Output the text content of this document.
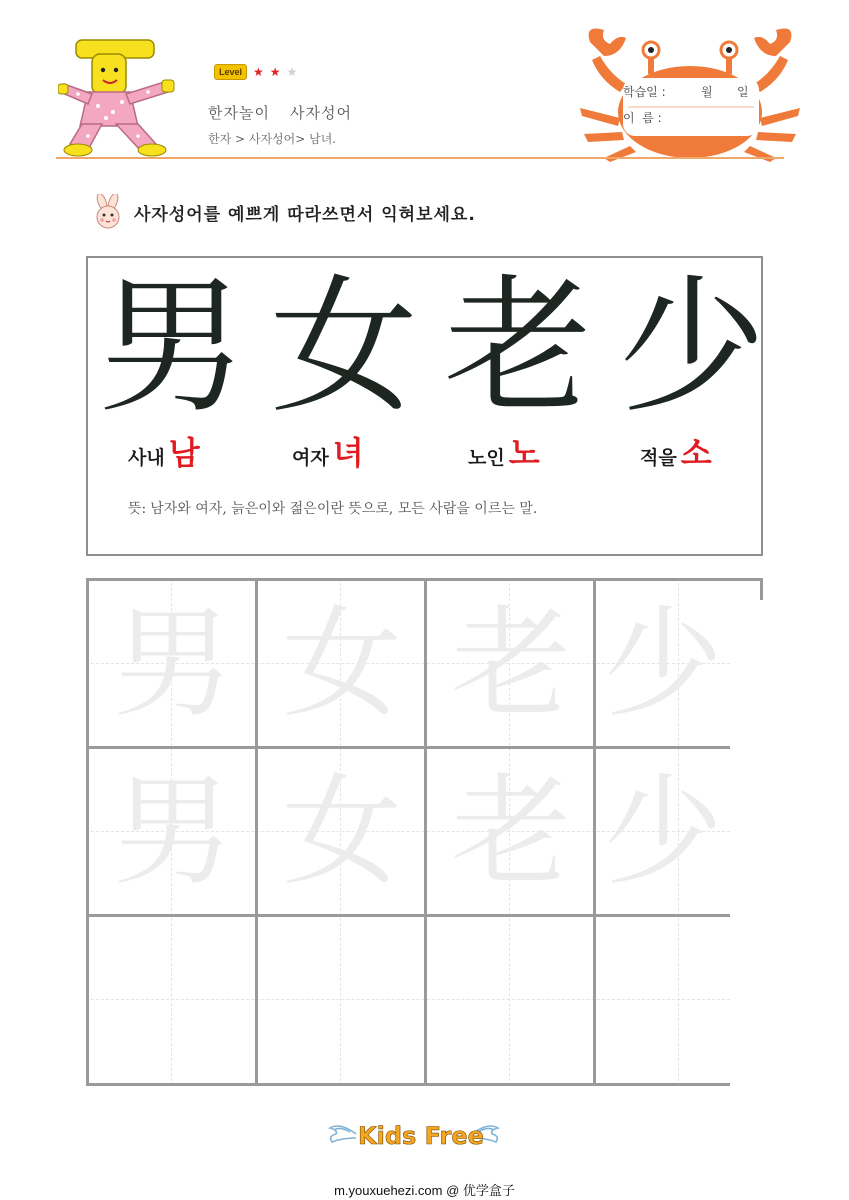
Level ★ ★ ★
한자놀이 사자성어
한자 > 사자성어> 남녀.
학습일 :	월	일
이  름 :
사자성어를 예쁘게 따라쓰면서 익혀보세요.
男 女 老 少
사내 남	여자 녀	노인 노	적을 소
뜻: 남자와 여자, 늙은이와 젊은이란 뜻으로, 모든 사람을 이르는 말.
男 女 老 少
男 女 老 少
Kids Free
m.youxuehezi.com @ 优学盒子
